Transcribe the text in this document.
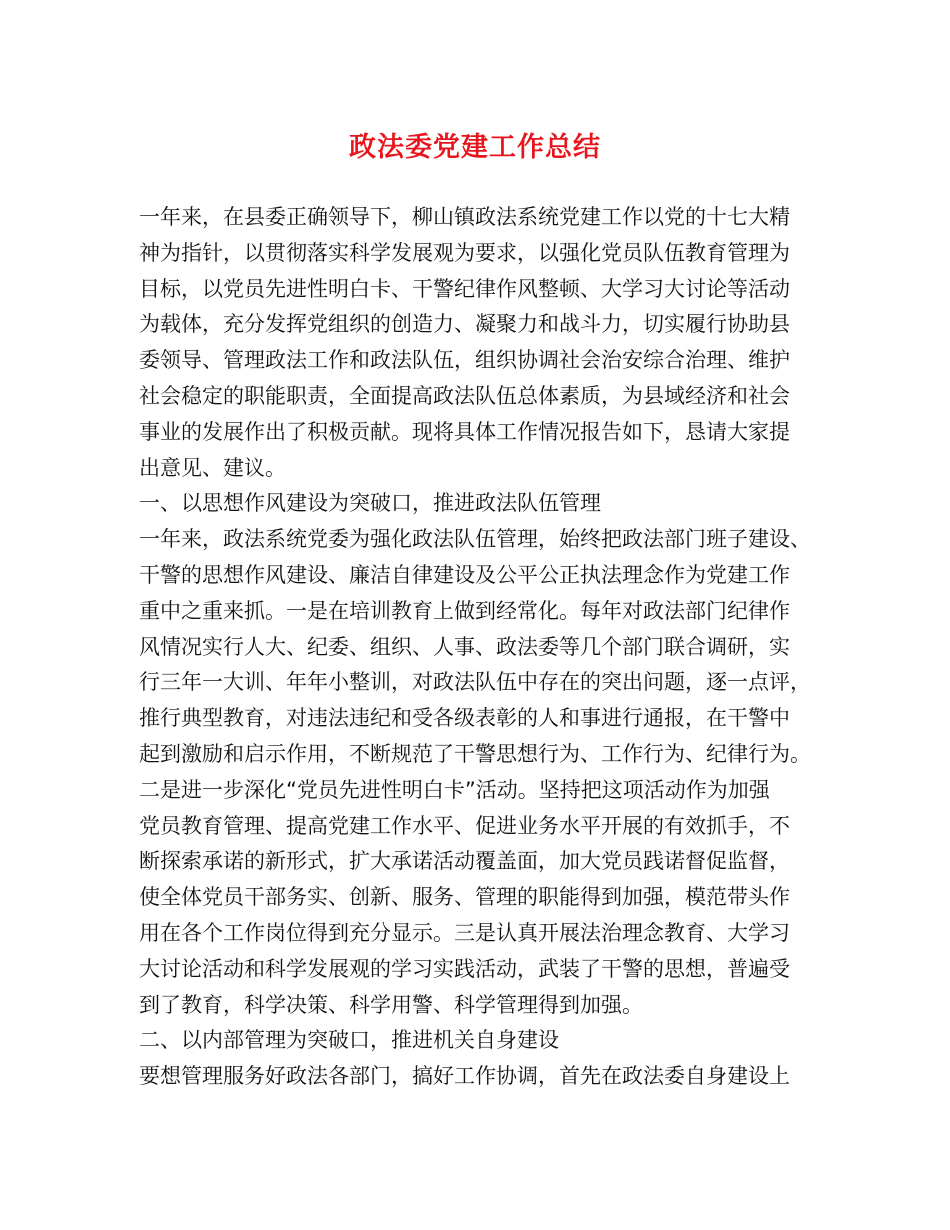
政法委党建工作总结
一年来，在县委正确领导下，柳山镇政法系统党建工作以党的十七大精
神为指针，以贯彻落实科学发展观为要求，以强化党员队伍教育管理为
目标，以党员先进性明白卡、干警纪律作风整顿、大学习大讨论等活动
为载体，充分发挥党组织的创造力、凝聚力和战斗力，切实履行协助县
委领导、管理政法工作和政法队伍，组织协调社会治安综合治理、维护
社会稳定的职能职责，全面提高政法队伍总体素质，为县域经济和社会
事业的发展作出了积极贡献。现将具体工作情况报告如下，恳请大家提
出意见、建议。
一、以思想作风建设为突破口，推进政法队伍管理
一年来，政法系统党委为强化政法队伍管理，始终把政法部门班子建设、
干警的思想作风建设、廉洁自律建设及公平公正执法理念作为党建工作
重中之重来抓。一是在培训教育上做到经常化。每年对政法部门纪律作
风情况实行人大、纪委、组织、人事、政法委等几个部门联合调研，实
行三年一大训、年年小整训，对政法队伍中存在的突出问题，逐一点评，
推行典型教育，对违法违纪和受各级表彰的人和事进行通报，在干警中
起到激励和启示作用，不断规范了干警思想行为、工作行为、纪律行为。
二是进一步深化“党员先进性明白卡”活动。坚持把这项活动作为加强
党员教育管理、提高党建工作水平、促进业务水平开展的有效抓手，不
断探索承诺的新形式，扩大承诺活动覆盖面，加大党员践诺督促监督，
使全体党员干部务实、创新、服务、管理的职能得到加强，模范带头作
用在各个工作岗位得到充分显示。三是认真开展法治理念教育、大学习
大讨论活动和科学发展观的学习实践活动，武装了干警的思想，普遍受
到了教育，科学决策、科学用警、科学管理得到加强。
二、以内部管理为突破口，推进机关自身建设
要想管理服务好政法各部门，搞好工作协调，首先在政法委自身建设上
